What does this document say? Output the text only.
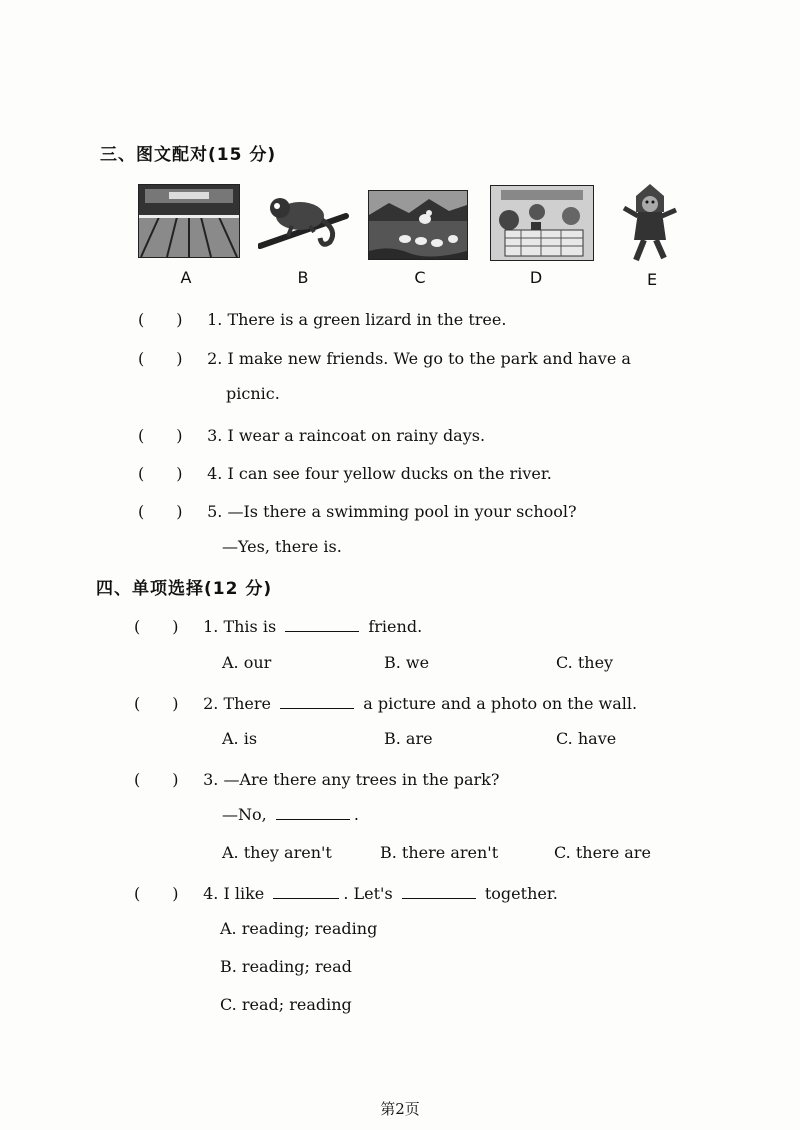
三、图文配对(15 分)
A	B	C	D	E
(　　) 1. There is a green lizard in the tree.
(　　) 2. I make new friends. We go to the park and have a
picnic.
(　　) 3. I wear a raincoat on rainy days.
(　　) 4. I can see four yellow ducks on the river.
(　　) 5. —Is there a swimming pool in your school?
—Yes, there is.
四、单项选择(12 分)
(　　) 1. This is	friend.
A. our	B. we	C. they
(　　) 2. There	a picture and a photo on the wall.
A. is	B. are	C. have
(　　) 3. —Are there any trees in the park?
—No,	.
A. they aren't	B. there aren't	C. there are
(　　) 4. I like	. Let's	together.
A. reading; reading
B. reading; read
C. read; reading
第2页
